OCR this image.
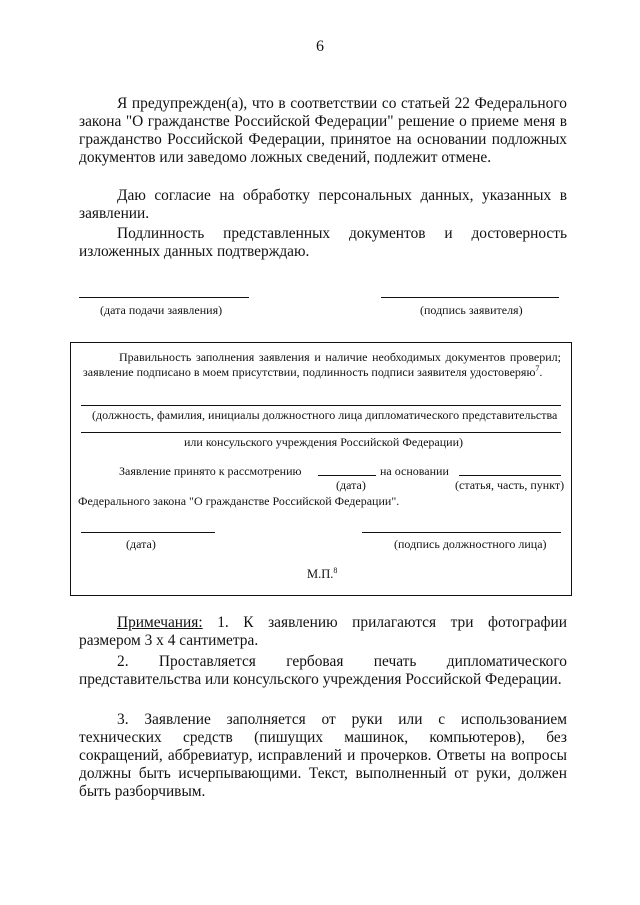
6

Я предупрежден(а), что в соответствии со статьей 22 Федерального закона "О гражданстве Российской Федерации" решение о приеме меня в гражданство Российской Федерации, принятое на основании подложных документов или заведомо ложных сведений, подлежит отмене.

Даю согласие на обработку персональных данных, указанных в заявлении.

Подлинность представленных документов и достоверность изложенных данных подтверждаю.

(дата подачи заявления)	(подпись заявителя)
Правильность заполнения заявления и наличие необходимых документов проверил; заявление подписано в моем присутствии, подлинность подписи заявителя удостоверяю$^7$.
(должность, фамилия, инициалы должностного лица дипломатического представительства
или консульского учреждения Российской Федерации)
Заявление принято к рассмотрению	на основании
(дата)	(статья, часть, пункт)
Федерального закона "О гражданстве Российской Федерации".
(дата)	(подпись должностного лица)
М.П.$^8$

Примечания: 1. К заявлению прилагаются три фотографии размером 3 х 4 сантиметра.

2. Проставляется гербовая печать дипломатического представительства или консульского учреждения Российской Федерации.

3. Заявление заполняется от руки или с использованием технических средств (пишущих машинок, компьютеров), без сокращений, аббревиатур, исправлений и прочерков. Ответы на вопросы должны быть исчерпывающими. Текст, выполненный от руки, должен быть разборчивым.
